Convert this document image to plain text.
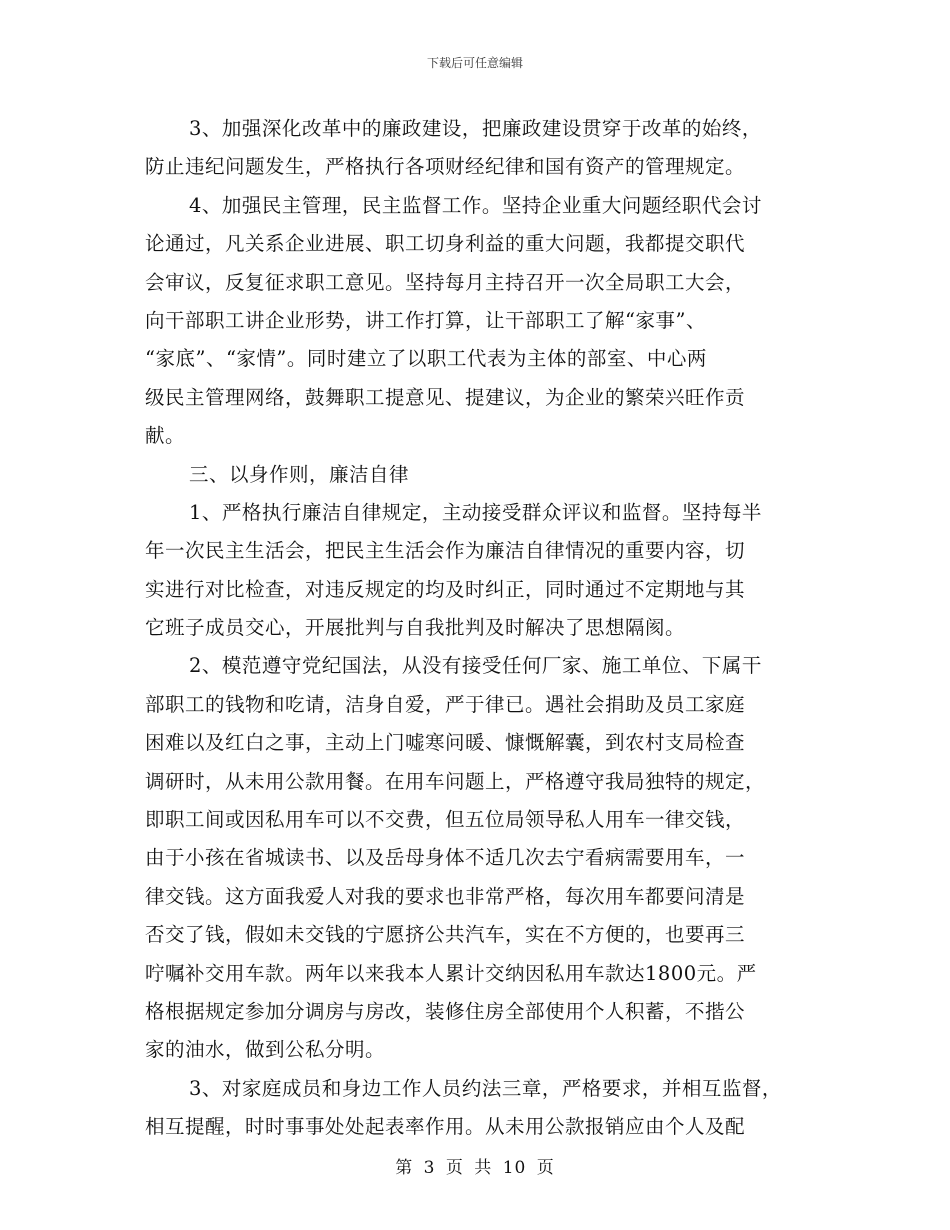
下载后可任意编辑
3、加强深化改革中的廉政建设，把廉政建设贯穿于改革的始终，
防止违纪问题发生，严格执行各项财经纪律和国有资产的管理规定。
4、加强民主管理，民主监督工作。坚持企业重大问题经职代会讨
论通过，凡关系企业进展、职工切身利益的重大问题，我都提交职代
会审议，反复征求职工意见。坚持每月主持召开一次全局职工大会，
向干部职工讲企业形势，讲工作打算，让干部职工了解“家事”、
“家底”、“家情”。同时建立了以职工代表为主体的部室、中心两
级民主管理网络，鼓舞职工提意见、提建议，为企业的繁荣兴旺作贡
献。
三、以身作则，廉洁自律
1、严格执行廉洁自律规定，主动接受群众评议和监督。坚持每半
年一次民主生活会，把民主生活会作为廉洁自律情况的重要内容，切
实进行对比检查，对违反规定的均及时纠正，同时通过不定期地与其
它班子成员交心，开展批判与自我批判及时解决了思想隔阂。
2、模范遵守党纪国法，从没有接受任何厂家、施工单位、下属干
部职工的钱物和吃请，洁身自爱，严于律已。遇社会捐助及员工家庭
困难以及红白之事，主动上门嘘寒问暖、慷慨解囊，到农村支局检查
调研时，从未用公款用餐。在用车问题上，严格遵守我局独特的规定，
即职工间或因私用车可以不交费，但五位局领导私人用车一律交钱，
由于小孩在省城读书、以及岳母身体不适几次去宁看病需要用车，一
律交钱。这方面我爱人对我的要求也非常严格，每次用车都要问清是
否交了钱，假如未交钱的宁愿挤公共汽车，实在不方便的，也要再三
咛嘱补交用车款。两年以来我本人累计交纳因私用车款达1800元。严
格根据规定参加分调房与房改，装修住房全部使用个人积蓄，不揩公
家的油水，做到公私分明。
3、对家庭成员和身边工作人员约法三章，严格要求，并相互监督，
相互提醒，时时事事处处起表率作用。从未用公款报销应由个人及配
第 3 页 共 10 页
